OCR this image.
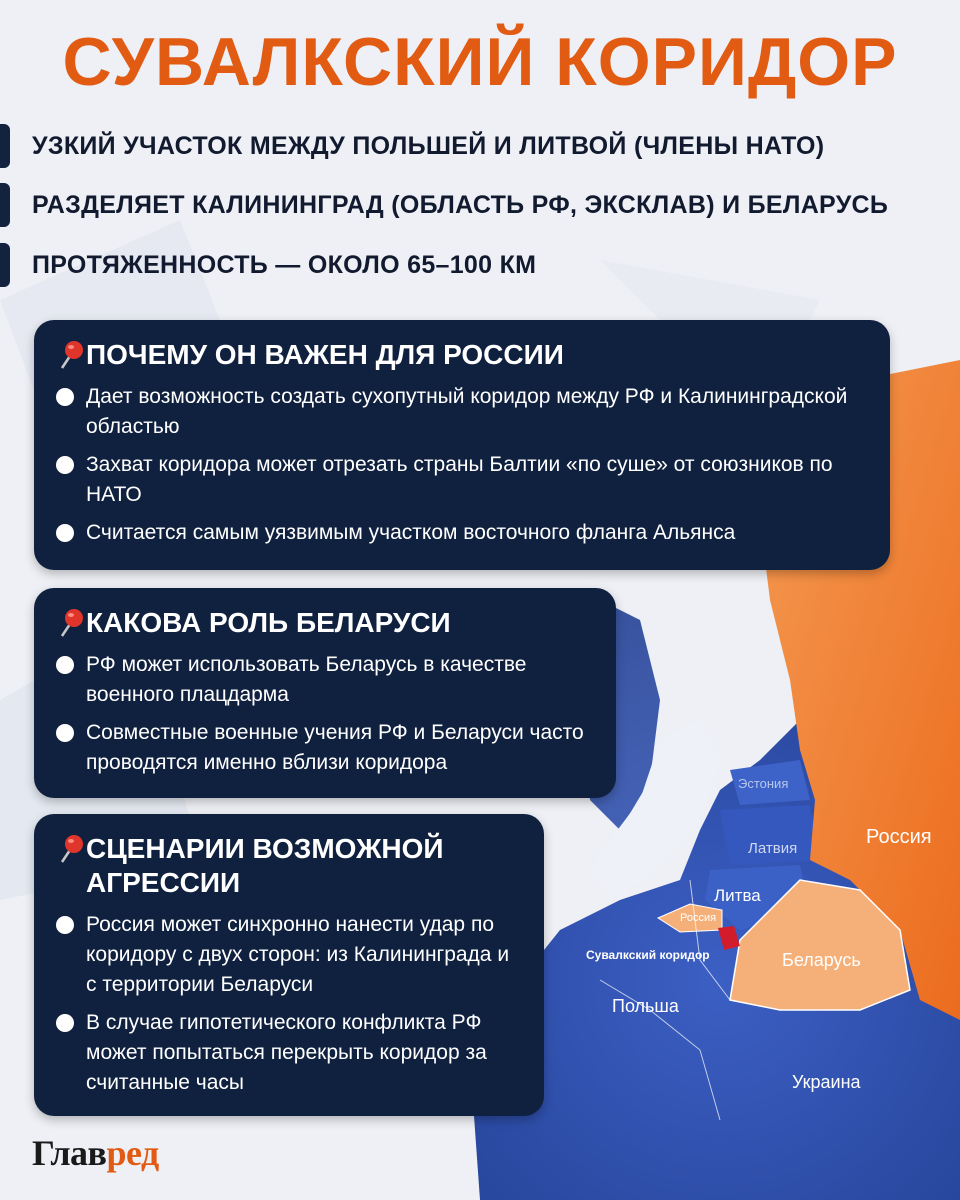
СУВАЛКСКИЙ КОРИДОР
УЗКИЙ УЧАСТОК МЕЖДУ ПОЛЬШЕЙ И ЛИТВОЙ (ЧЛЕНЫ НАТО)
РАЗДЕЛЯЕТ КАЛИНИНГРАД (ОБЛАСТЬ РФ, ЭКСКЛАВ) И БЕЛАРУСЬ
ПРОТЯЖЕННОСТЬ — ОКОЛО 65–100 КМ
ПОЧЕМУ ОН ВАЖЕН ДЛЯ РОССИИ
Дает возможность создать сухопутный коридор между РФ и Калининградской областью
Захват коридора может отрезать страны Балтии «по суше» от союзников по НАТО
Считается самым уязвимым участком восточного фланга Альянса
КАКОВА РОЛЬ БЕЛАРУСИ
РФ может использовать Беларусь в качестве военного плацдарма
Совместные военные учения РФ и Беларуси часто проводятся именно вблизи коридора
СЦЕНАРИИ ВОЗМОЖНОЙ АГРЕССИИ
Россия может синхронно нанести удар по коридору с двух сторон: из Калининграда и с территории Беларуси
В случае гипотетического конфликта РФ может попытаться перекрыть коридор за считанные часы
Россия
Эстония
Латвия
Литва
Россия
Сувалкский коридор	Беларусь
Польша
Украина
Главред
